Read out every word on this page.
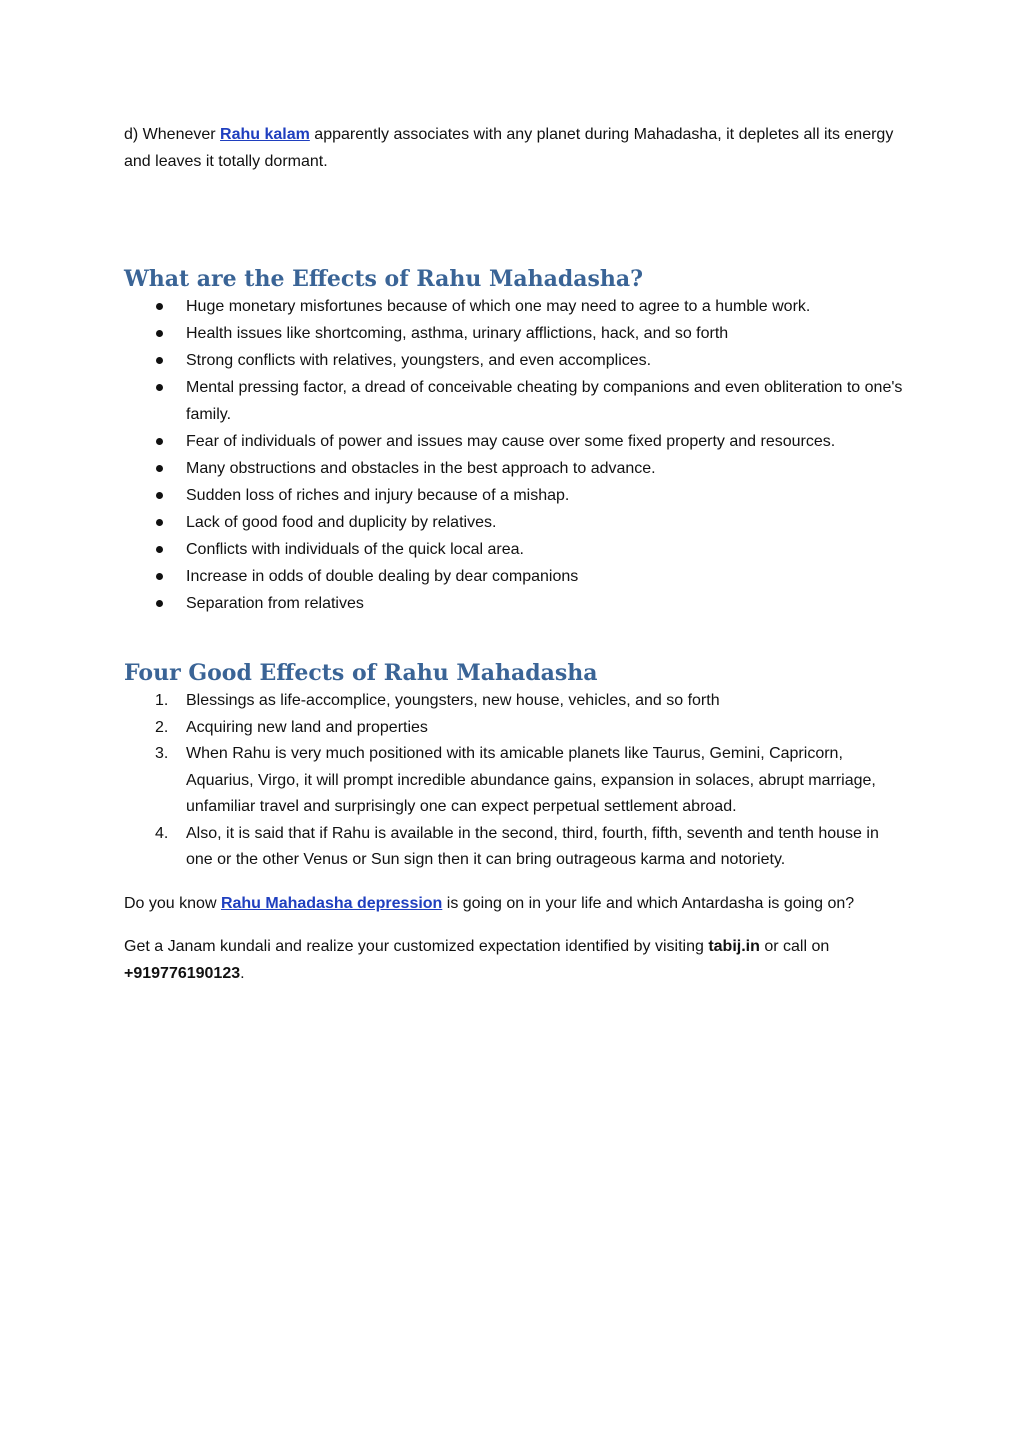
d) Whenever Rahu kalam apparently associates with any planet during Mahadasha, it depletes all its energy and leaves it totally dormant.

What are the Effects of Rahu Mahadasha?
Huge monetary misfortunes because of which one may need to agree to a humble work.
Health issues like shortcoming, asthma, urinary afflictions, hack, and so forth
Strong conflicts with relatives, youngsters, and even accomplices.
Mental pressing factor, a dread of conceivable cheating by companions and even obliteration to one's family.
Fear of individuals of power and issues may cause over some fixed property and resources.
Many obstructions and obstacles in the best approach to advance.
Sudden loss of riches and injury because of a mishap.
Lack of good food and duplicity by relatives.
Conflicts with individuals of the quick local area.
Increase in odds of double dealing by dear companions
Separation from relatives
Four Good Effects of Rahu Mahadasha
1. Blessings as life-accomplice, youngsters, new house, vehicles, and so forth
2. Acquiring new land and properties
3. When Rahu is very much positioned with its amicable planets like Taurus, Gemini, Capricorn, Aquarius, Virgo, it will prompt incredible abundance gains, expansion in solaces, abrupt marriage, unfamiliar travel and surprisingly one can expect perpetual settlement abroad.
4. Also, it is said that if Rahu is available in the second, third, fourth, fifth, seventh and tenth house in one or the other Venus or Sun sign then it can bring outrageous karma and notoriety.

Do you know Rahu Mahadasha depression is going on in your life and which Antardasha is going on?

Get a Janam kundali and realize your customized expectation identified by visiting tabij.in or call on +919776190123.
